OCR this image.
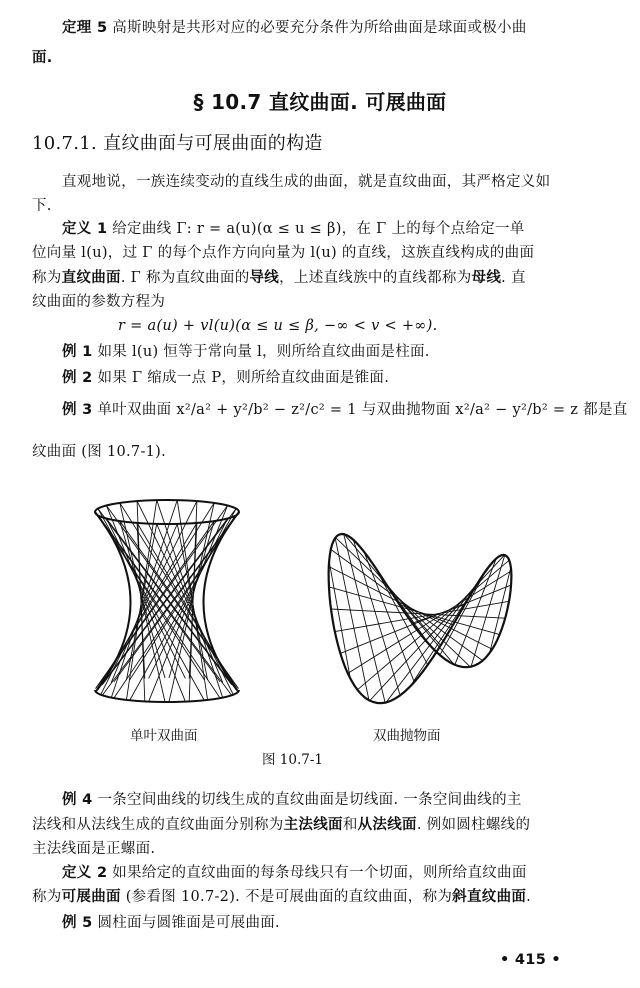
定理 5 高斯映射是共形对应的必要充分条件为所给曲面是球面或极小曲
面.
§ 10.7 直纹曲面. 可展曲面
10.7.1. 直纹曲面与可展曲面的构造
直观地说，一族连续变动的直线生成的曲面，就是直纹曲面，其严格定义如
下.
定义 1 给定曲线 Γ: r = a(u)(α ≤ u ≤ β)，在 Γ 上的每个点给定一单
位向量 l(u)，过 Γ 的每个点作方向向量为 l(u) 的直线，这族直线构成的曲面
称为直纹曲面. Γ 称为直纹曲面的导线，上述直线族中的直线都称为母线. 直
纹曲面的参数方程为
r = a(u) + vl(u)(α ≤ u ≤ β, −∞ < v < +∞).
例 1 如果 l(u) 恒等于常向量 l，则所给直纹曲面是柱面.
例 2 如果 Γ 缩成一点 P，则所给直纹曲面是锥面.
例 3 单叶双曲面 x²/a² + y²/b² − z²/c² = 1 与双曲抛物面 x²/a² − y²/b² = z 都是直
纹曲面 (图 10.7-1).
单叶双曲面	双曲抛物面
图 10.7-1
例 4 一条空间曲线的切线生成的直纹曲面是切线面. 一条空间曲线的主
法线和从法线生成的直纹曲面分别称为主法线面和从法线面. 例如圆柱螺线的
主法线面是正螺面.
定义 2 如果给定的直纹曲面的每条母线只有一个切面，则所给直纹曲面
称为可展曲面 (参看图 10.7-2). 不是可展曲面的直纹曲面，称为斜直纹曲面.
例 5 圆柱面与圆锥面是可展曲面.
• 415 •
